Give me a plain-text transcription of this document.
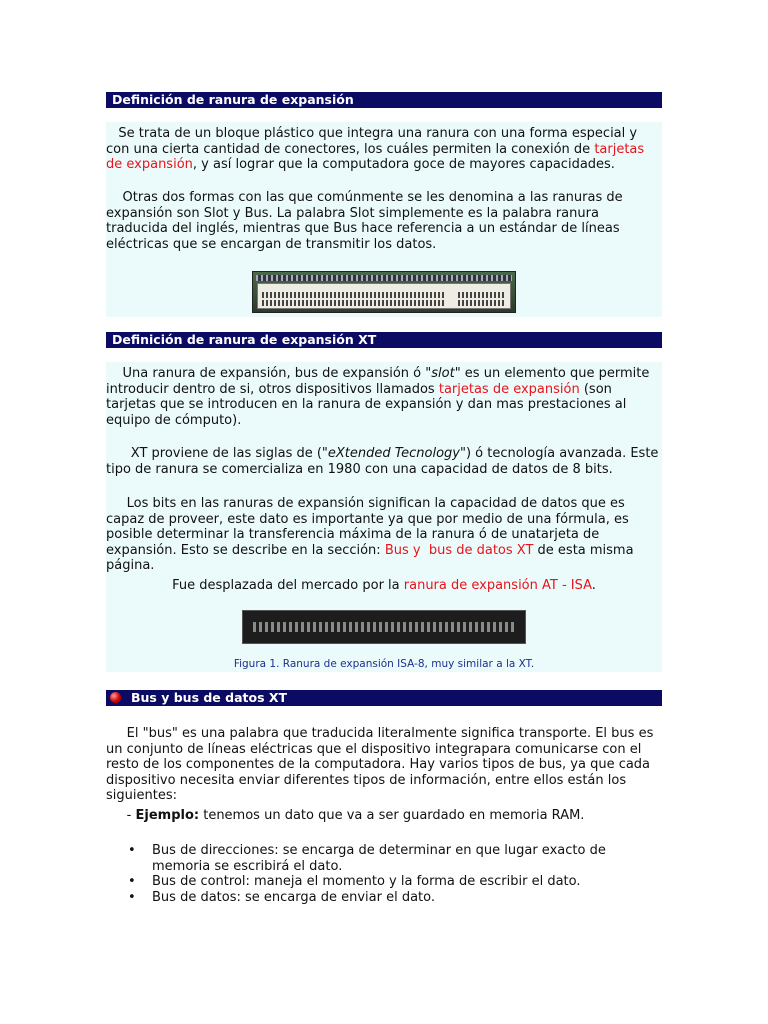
Definición de ranura de expansión

Se trata de un bloque plástico que integra una ranura con una forma especial y con una cierta cantidad de conectores, los cuáles permiten la conexión de tarjetas de expansión, y así lograr que la computadora goce de mayores capacidades.

Otras dos formas con las que comúnmente se les denomina a las ranuras de expansión son Slot y Bus. La palabra Slot simplemente es la palabra ranura traducida del inglés, mientras que Bus hace referencia a un estándar de líneas eléctricas que se encargan de transmitir los datos.

Definición de ranura de expansión XT

Una ranura de expansión, bus de expansión ó "slot" es un elemento que permite introducir dentro de si, otros dispositivos llamados tarjetas de expansión (son tarjetas que se introducen en la ranura de expansión y dan mas prestaciones al equipo de cómputo).

XT proviene de las siglas de ("eXtended Tecnology") ó tecnología avanzada. Este tipo de ranura se comercializa en 1980 con una capacidad de datos de 8 bits.

Los bits en las ranuras de expansión significan la capacidad de datos que es capaz de proveer, este dato es importante ya que por medio de una fórmula, es posible determinar la transferencia máxima de la ranura ó de unatarjeta de expansión. Esto se describe en la sección: Bus y  bus de datos XT de esta misma página.

Fue desplazada del mercado por la ranura de expansión AT - ISA.

Figura 1. Ranura de expansión ISA-8, muy similar a la XT.
Bus y bus de datos XT

El "bus" es una palabra que traducida literalmente significa transporte. El bus es un conjunto de líneas eléctricas que el dispositivo integrapara comunicarse con el resto de los componentes de la computadora. Hay varios tipos de bus, ya que cada dispositivo necesita enviar diferentes tipos de información, entre ellos están los siguientes:

- Ejemplo: tenemos un dato que va a ser guardado en memoria RAM.

• Bus de direcciones: se encarga de determinar en que lugar exacto de memoria se escribirá el dato.
• Bus de control: maneja el momento y la forma de escribir el dato.
• Bus de datos: se encarga de enviar el dato.
